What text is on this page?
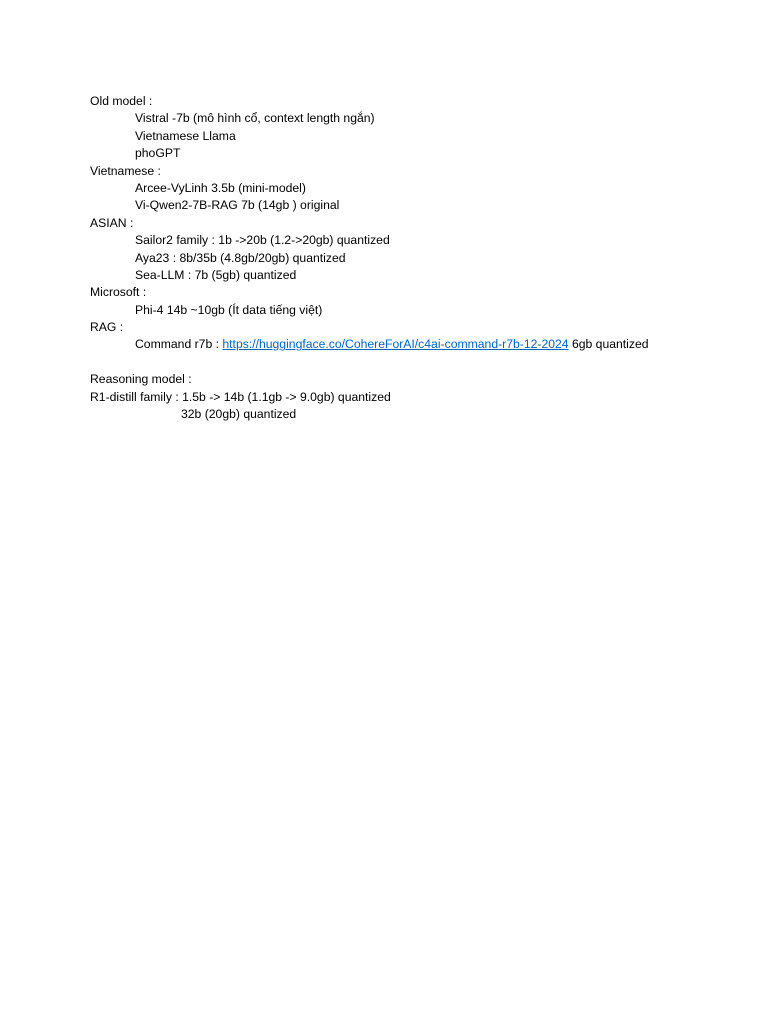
Old model :
Vistral -7b (mô hình cổ, context length ngắn)
Vietnamese Llama
phoGPT
Vietnamese :
Arcee-VyLinh 3.5b (mini-model)
Vi-Qwen2-7B-RAG 7b (14gb ) original
ASIAN :
Sailor2 family : 1b ->20b (1.2->20gb) quantized
Aya23 : 8b/35b (4.8gb/20gb) quantized
Sea-LLM : 7b (5gb) quantized
Microsoft :
Phi-4 14b ~10gb (Ít data tiếng việt)
RAG :
Command r7b : https://huggingface.co/CohereForAI/c4ai-command-r7b-12-2024 6gb quantized
Reasoning model :
R1-distill family : 1.5b -> 14b (1.1gb -> 9.0gb) quantized
32b (20gb) quantized
